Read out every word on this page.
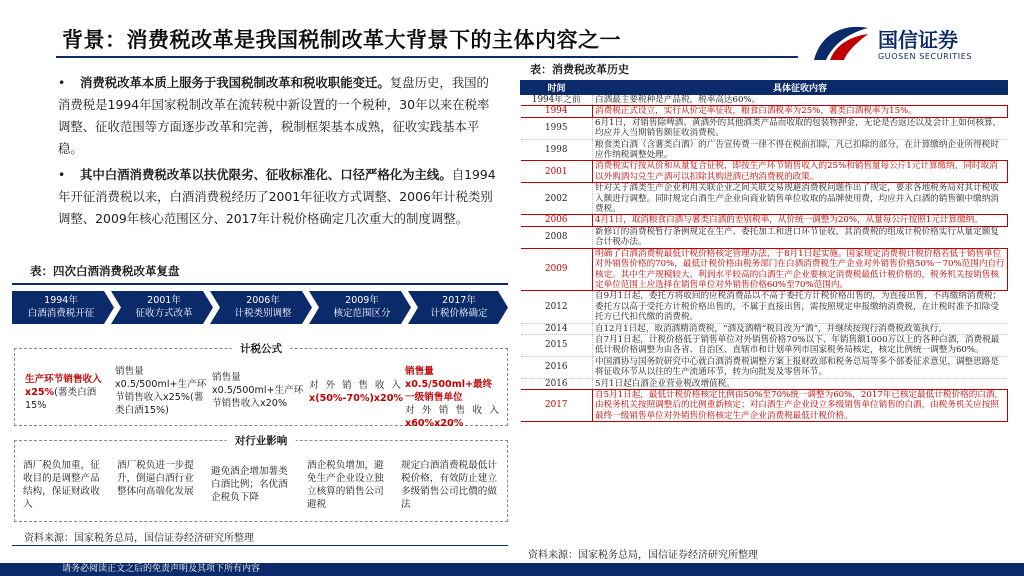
背景：消费税改革是我国税制改革大背景下的主体内容之一	国信证券
GUOSEN SECURITIES
•	消费税改革本质上服务于我国税制改革和税收职能变迁。复盘历史，我国的消费税是1994年国家税制改革在流转税中新设置的一个税种，30年以来在税率调整、征收范围等方面逐步改革和完善，税制框架基本成熟，征收实践基本平稳。
•	其中白酒消费税改革以扶优限劣、征收标准化、口径严格化为主线。自1994年开征消费税以来，白酒消费税经历了2001年征收方式调整、2006年计税类别调整、2009年核心范围区分、2017年计税价格确定几次重大的制度调整。
表：四次白酒消费税改革复盘
1994年
白酒消费税开征
2001年
征收方式改革
2006年
计税类别调整
2009年
核定范围区分
2017年
计税价格确定
计税公式
生产环节销售收入x25%(薯类白酒15%
销售量x0.5/500ml+生产环节销售收入x25%(薯类白酒15%)
销售量x0.5/500ml+生产环节销售收入x20%
对外销售收入
x(50%-70%)x20%
销售量x0.5/500ml+最终一级销售单位
对外销售收入
x60%x20%
对行业影响
酒厂税负加重，征收目的是调整产品结构，保证财政收入
酒厂税负进一步提升，倒逼白酒行业整体向高端化发展
避免酒企增加薯类白酒比例；名优酒企税负下降
酒企税负增加，避免生产企业设立独立核算的销售公司避税
规定白酒消费税最低计税价格，有效防止建立多级销售公司比價的做法
资料来源：国家税务总局，国信证券经济研究所整理
表：消费税改革历史
时间	具体征收内容
1994年之前	白酒最主要税种是产品税，税率高达60%。
1994	消费税正式设立，实行从价定率征收，粮食白酒税率为25%，薯类白酒税率为15%。
1995	6月1日，对销售除啤酒、黄酒外的其他酒类产品而收取的包装物押金，无论是否返还以及会计上如何核算，均应并入当期销售额征收消费税。
1998	粮食类白酒（含薯类白酒）的广告宣传费一律不得在税前扣除，凡已扣除的部分，在计算缴纳企业所得税时应作纳税调整处理。
2001	消费税实行按从价和从量复合征税，即按生产环节销售收入的25%和销售量每公斤1元计算缴纳，同时取消以外购酒勾兑生产酒可以扣除其购进酒已纳消费税的政策。
2002	针对关于酒类生产企业利用关联企业之间关联交易规避消费税问题作出了规定，要求各地税务局对其计税收入额进行调整。同时规定白酒生产企业向商业销售单位收取的品牌使用费，均应并入白酒的销售额中缴纳消费税。
2006	4月1日，取消粮食白酒与薯类白酒的差别税率，从价统一调整为20%，从量每公斤按照1元计算缴纳。
2008	新修订的消费税暂行条例规定在生产、委托加工和进口环节征收，其消费税的组成计税价格实行从量定额复合计税办法。
2009	明确了白酒消费税最低计税价格核定管理办法，于8月1日起实施。国家规定消费税计税价格若低于销售单位对外销售价格的70%，最低计税价格由税务部门在白酒消费税生产企业对外销售价格50%－70%范围内自行核定。其中生产规模较大、利润水平较高的白酒生产企业要核定消费税最低计税价格的，税务机关按销售核定单位范围上应选择在销售单位对外销售价格60%至70%范围内。
2012	自9月1日起，委托方将收回的应税消费品以不高于委托方计税价格出售的，为直接出售，不再缴纳消费税；委托方以高于受托方计税价格出售的，不属于直接出售，需按照规定申报缴纳消费税，在计税时准予扣除受托方已代扣代缴的消费税。
2014	自12月1日起，取消酒精消费税，“酒及酒精”税目改为“酒”，并继续按现行消费税政策执行。
2015	自7月1日起，计税价格低于销售单位对外销售价格70%以下、年销售额1000万以上的各种白酒，消费税最低计税价格调整为由各省、自治区、直辖市和计划单列市国家税务局核定，核定比例统一调整为60%。
2016	中国酒协与国务院研究中心就白酒消费税调整方案上报财政部和税务总局等多个部委征求意见，调整思路是将征收环节从以往的生产流通环节，转为向批发及零售环节。
2016	5月1日起白酒企业营业税改增值税。
2017	自5月1日起，最低计税价格核定比例由50%至70%统一调整为60%，2017年已核定最低计税价格的白酒，由税务机关按照调整后的比例重新核定；对白酒生产企业设立多级销售单位销售的白酒，由税务机关应按照最终一级销售单位对外销售价格核定生产企业消费税最低计税价格。
资料来源：国家税务总局，国信证券经济研究所整理
请务必阅读正文之后的免责声明及其项下所有内容
